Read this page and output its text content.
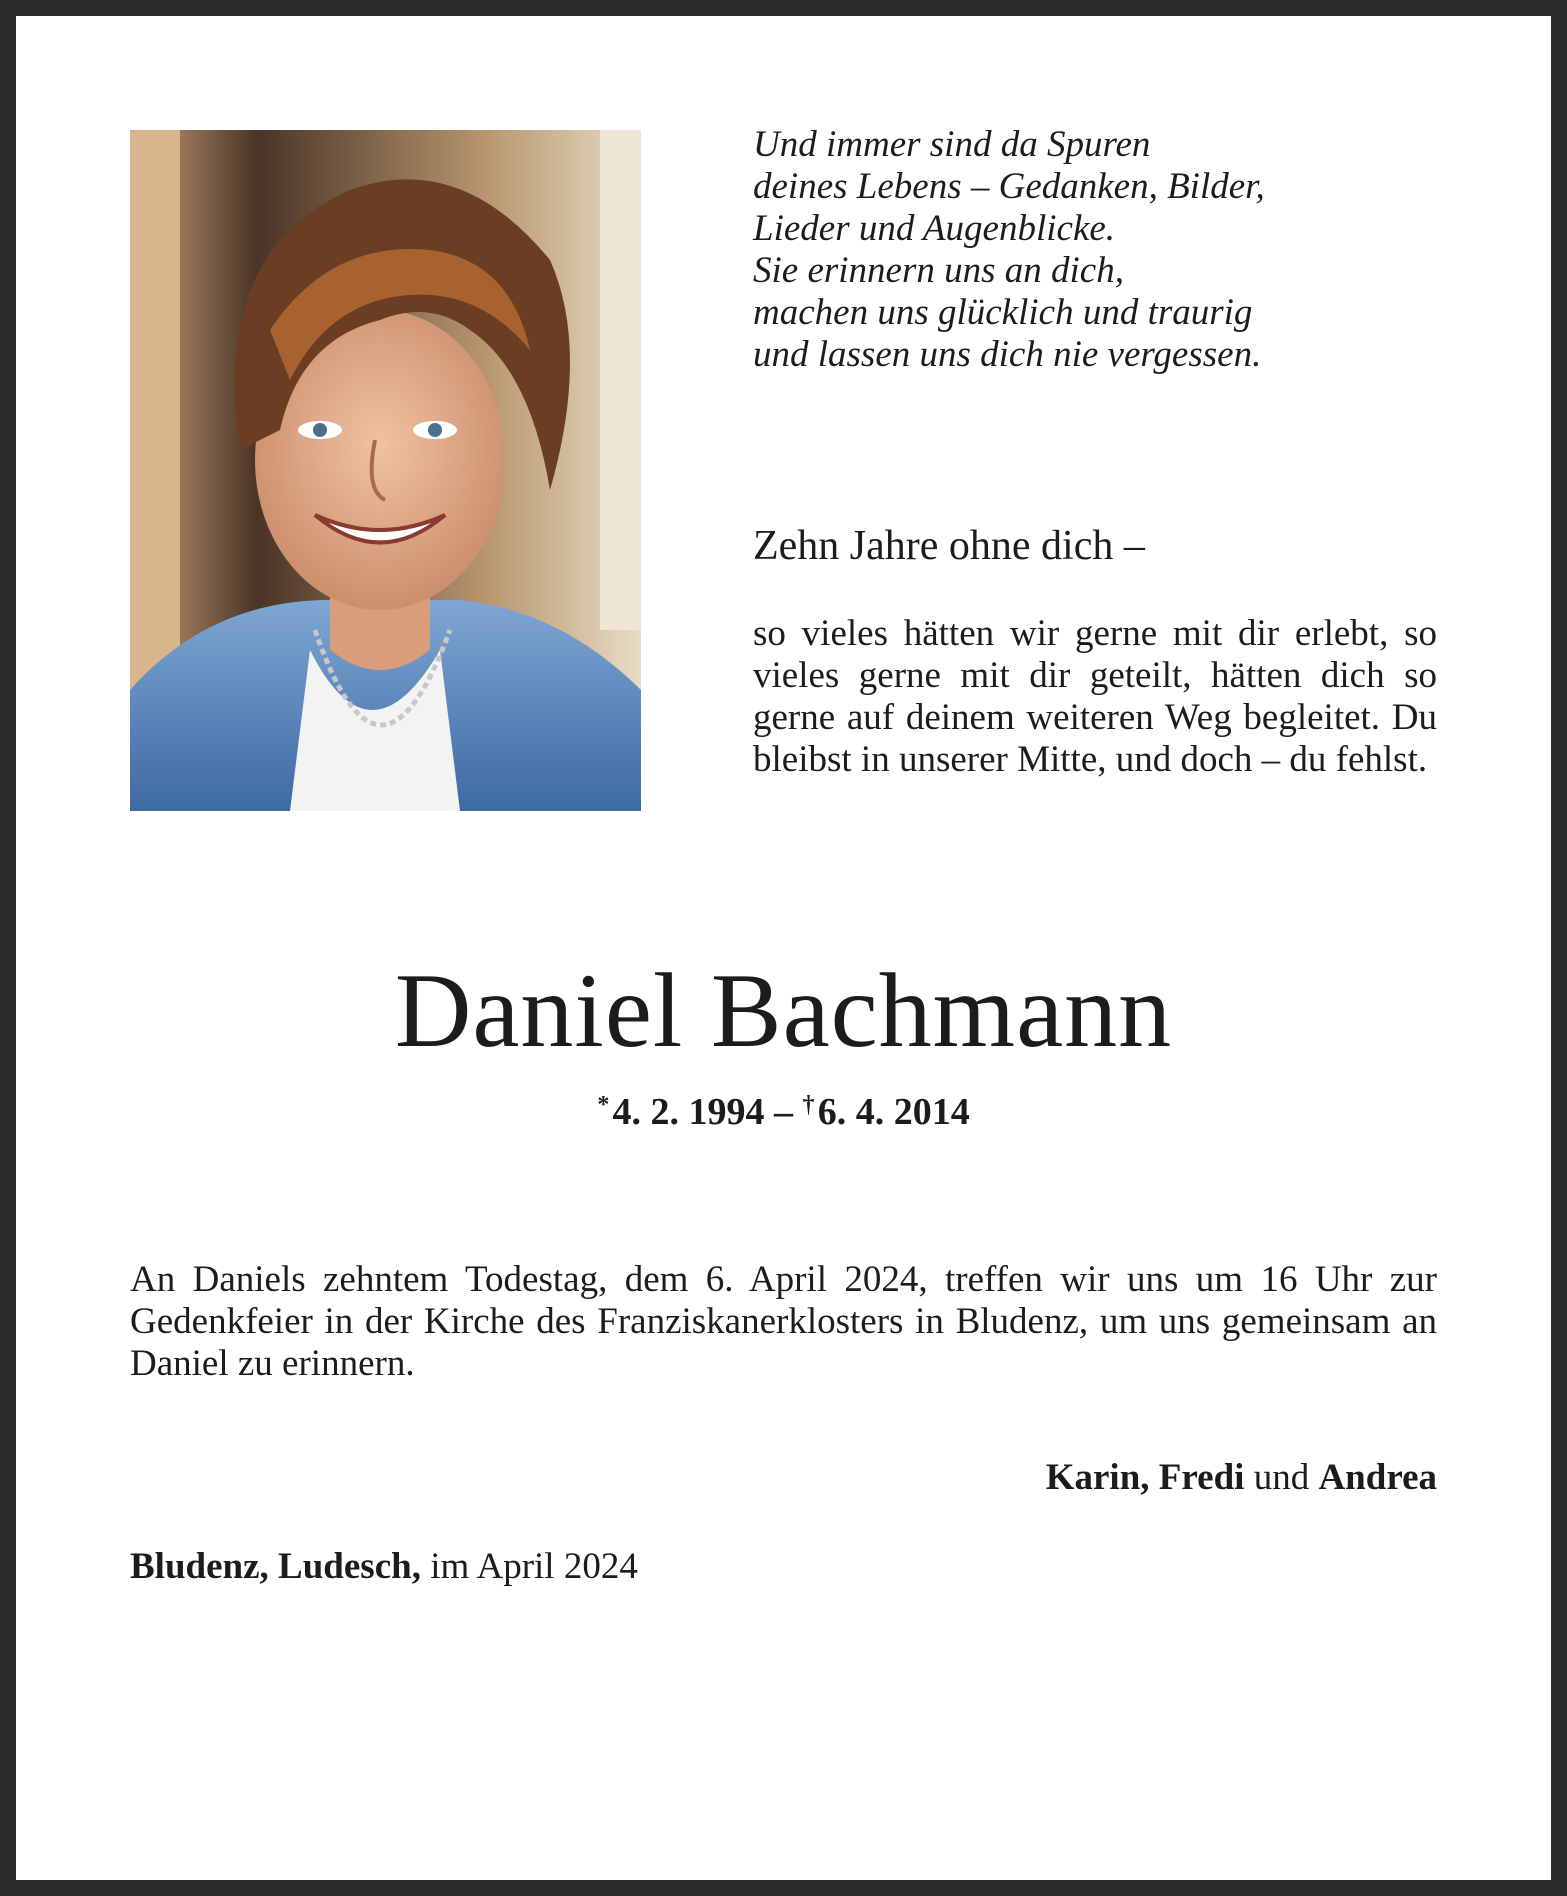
Und immer sind da Spuren
deines Lebens – Gedanken, Bilder,
Lieder und Augenblicke.
Sie erinnern uns an dich,
machen uns glücklich und traurig
und lassen uns dich nie vergessen.

Zehn Jahre ohne dich –

so vieles hätten wir gerne mit dir erlebt, so vieles gerne mit dir geteilt, hätten dich so gerne auf deinem weiteren Weg begleitet. Du bleibst in unserer Mitte, und doch – du fehlst.

Daniel Bachmann

* 4. 2. 1994 – † 6. 4. 2014

An Daniels zehntem Todestag, dem 6. April 2024, treffen wir uns um 16 Uhr zur Gedenkfeier in der Kirche des Franziskanerklosters in Bludenz, um uns gemeinsam an Daniel zu erinnern.

Karin, Fredi und Andrea

Bludenz, Ludesch, im April 2024
